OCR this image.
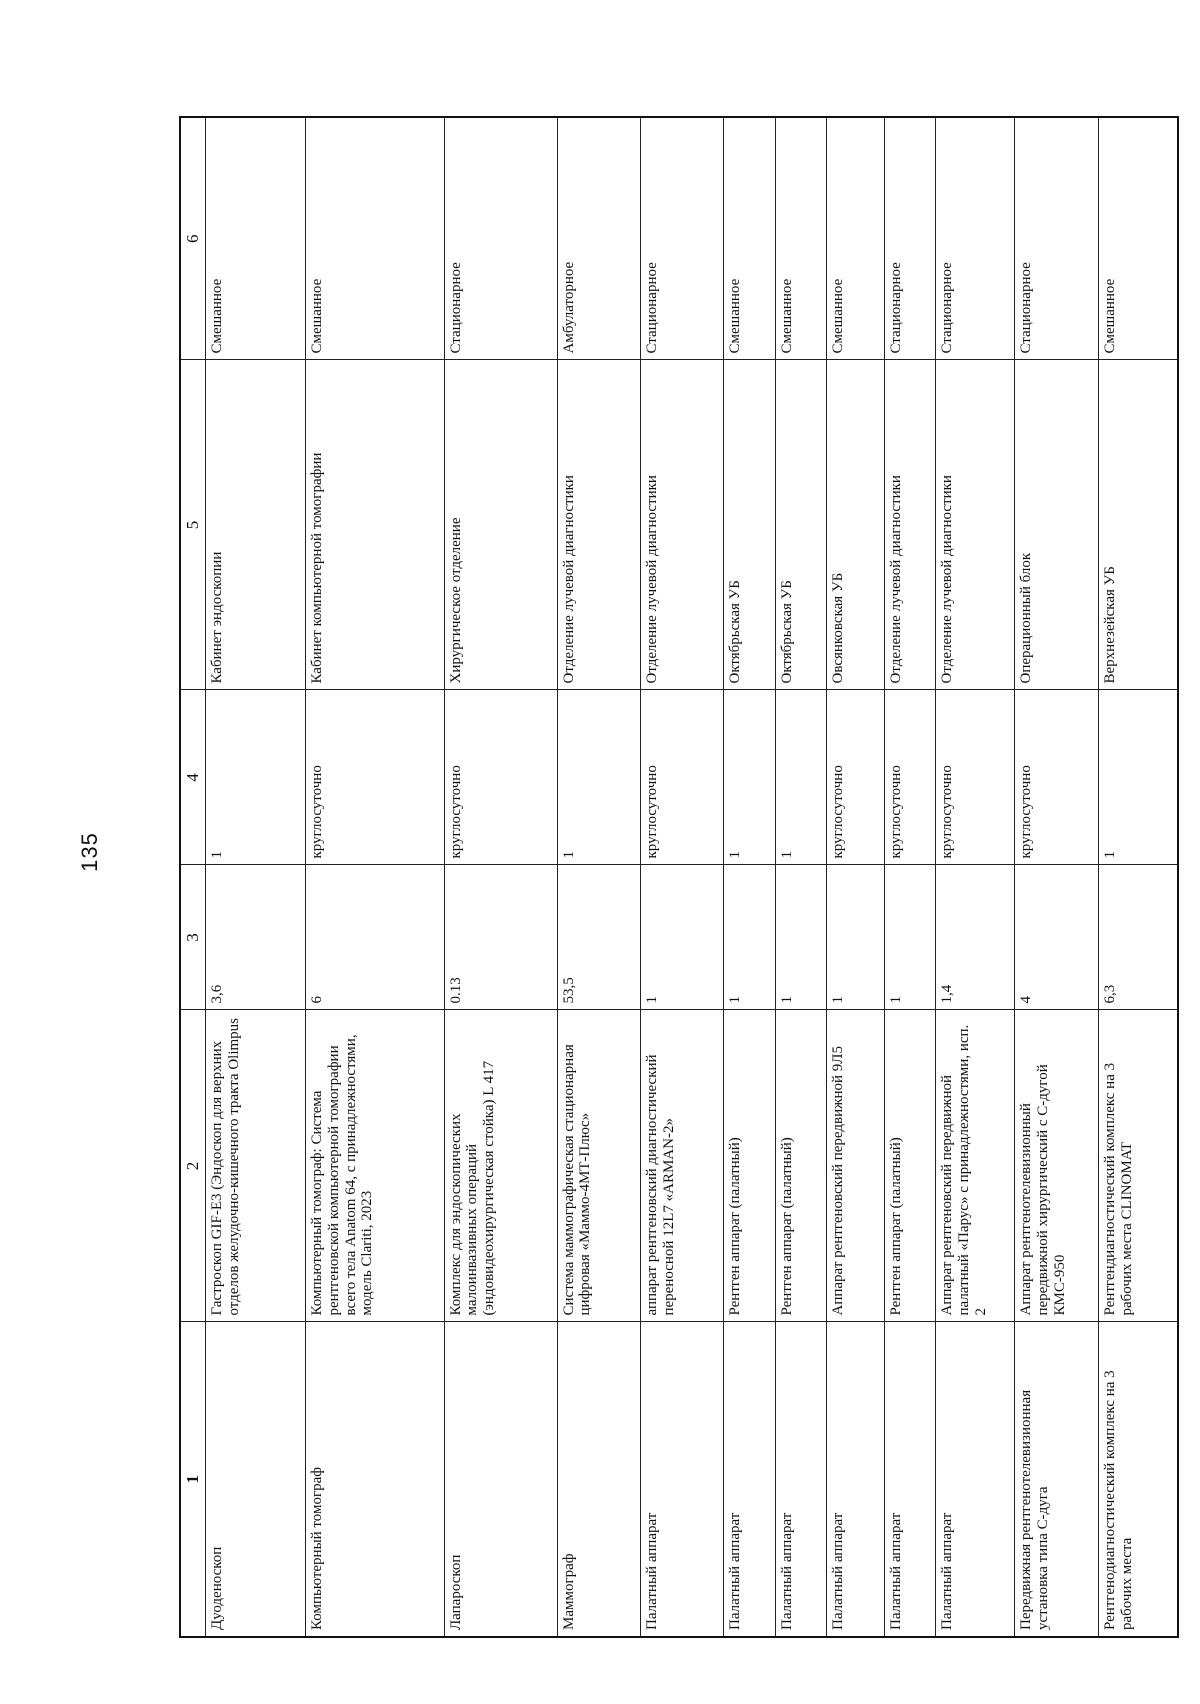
135
1	2	3	4	5	6
Дуоденоскоп	Гастроскоп GIF-E3 (Эндоскоп для верхних отделов желудочно-кишечного тракта Olimpus	3,6	1	Кабинет эндоскопии	Смешанное
Компьютерный томограф	Компьютерный томограф: Система рентгеновской компьютерной томографии всего тела Anatom 64, с принадлежностями, модель Clariti, 2023	6	круглосуточно	Кабинет компьютерной томографии	Смешанное
Лапароскоп	Комплекс для эндоскопических малоинвазивных операций (эндовидеохирургическая стойка) L 417	0.13	круглосуточно	Хирургическое отделение	Стационарное
Маммограф	Система маммографическая стационарная цифровая «Маммо-4МТ-Плюс»	53,5	1	Отделение лучевой диагностики	Амбулаторное
Палатный аппарат	аппарат рентгеновский диагностический переносной 12L7 «ARMAN-2»	1	круглосуточно	Отделение лучевой диагностики	Стационарное
Палатный аппарат	Рентген аппарат (палатный)	1	1	Октябрьская УБ	Смешанное
Палатный аппарат	Рентген аппарат (палатный)	1	1	Октябрьская УБ	Смешанное
Палатный аппарат	Аппарат рентгеновский передвижной 9Л5	1	круглосуточно	Овсянковская УБ	Смешанное
Палатный аппарат	Рентген аппарат (палатный)	1	круглосуточно	Отделение лучевой диагностики	Стационарное
Палатный аппарат	Аппарат рентгеновский передвижной палатный «Парус» с принадлежностями, исп. 2	1,4	круглосуточно	Отделение лучевой диагностики	Стационарное
Передвижная рентгенотелевизионная установка типа С-дуга	Аппарат рентгенотелевизионный передвижной хирургический с С-дугой КМС-950	4	круглосуточно	Операционный блок	Стационарное
Рентгенодиагностический комплекс на 3 рабочих места	Рентгендиагностический комплекс на 3 рабочих места CLINOMAT	6,3	1	Верхнезейская УБ	Смешанное
